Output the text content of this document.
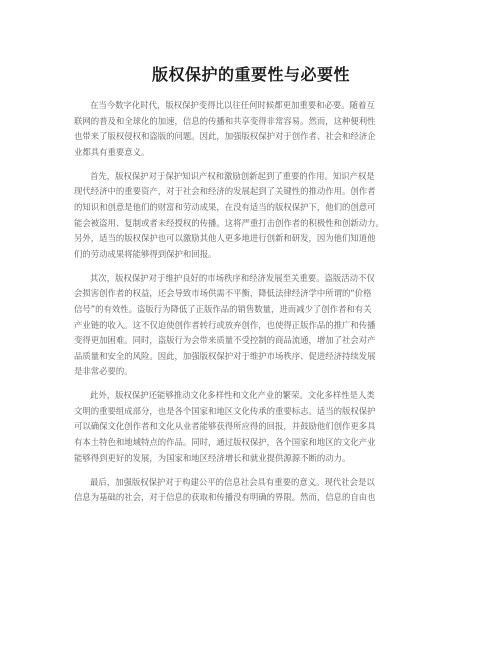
版权保护的重要性与必要性

在当今数字化时代，版权保护变得比以往任何时候都更加重要和必要。随着互
联网的普及和全球化的加速，信息的传播和共享变得非常容易。然而，这种便利性
也带来了版权侵权和盗版的问题。因此，加强版权保护对于创作者、社会和经济企
业都具有重要意义。

首先，版权保护对于保护知识产权和激励创新起到了重要的作用。知识产权是
现代经济中的重要资产，对于社会和经济的发展起到了关键性的推动作用。创作者
的知识和创意是他们的财富和劳动成果，在没有适当的版权保护下，他们的创意可
能会被盗用、复制或者未经授权的传播。这将严重打击创作者的积极性和创新动力。
另外，适当的版权保护也可以激励其他人更多地进行创新和研发，因为他们知道他
们的劳动成果将能够得到保护和回报。

其次，版权保护对于维护良好的市场秩序和经济发展至关重要。盗版活动不仅
会损害创作者的权益，还会导致市场供需不平衡，降低法律经济学中所谓的“价格
信号”的有效性。盗版行为降低了正版作品的销售数量，进而减少了创作者和有关
产业链的收入。这不仅迫使创作者转行或放弃创作，也使得正版作品的推广和传播
变得更加困难。同时，盗版行为会带来质量不受控制的商品流通，增加了社会对产
品质量和安全的风险。因此，加强版权保护对于维护市场秩序、促进经济持续发展
是非常必要的。

此外，版权保护还能够推动文化多样性和文化产业的繁荣。文化多样性是人类
文明的重要组成部分，也是各个国家和地区文化传承的重要标志。适当的版权保护
可以确保文化创作者和文化从业者能够获得所应得的回报，并鼓励他们创作更多具
有本土特色和地域特点的作品。同时，通过版权保护，各个国家和地区的文化产业
能够得到更好的发展，为国家和地区经济增长和就业提供源源不断的动力。

最后，加强版权保护对于构建公平的信息社会具有重要的意义。现代社会是以
信息为基础的社会，对于信息的获取和传播没有明确的界限。然而，信息的自由也
